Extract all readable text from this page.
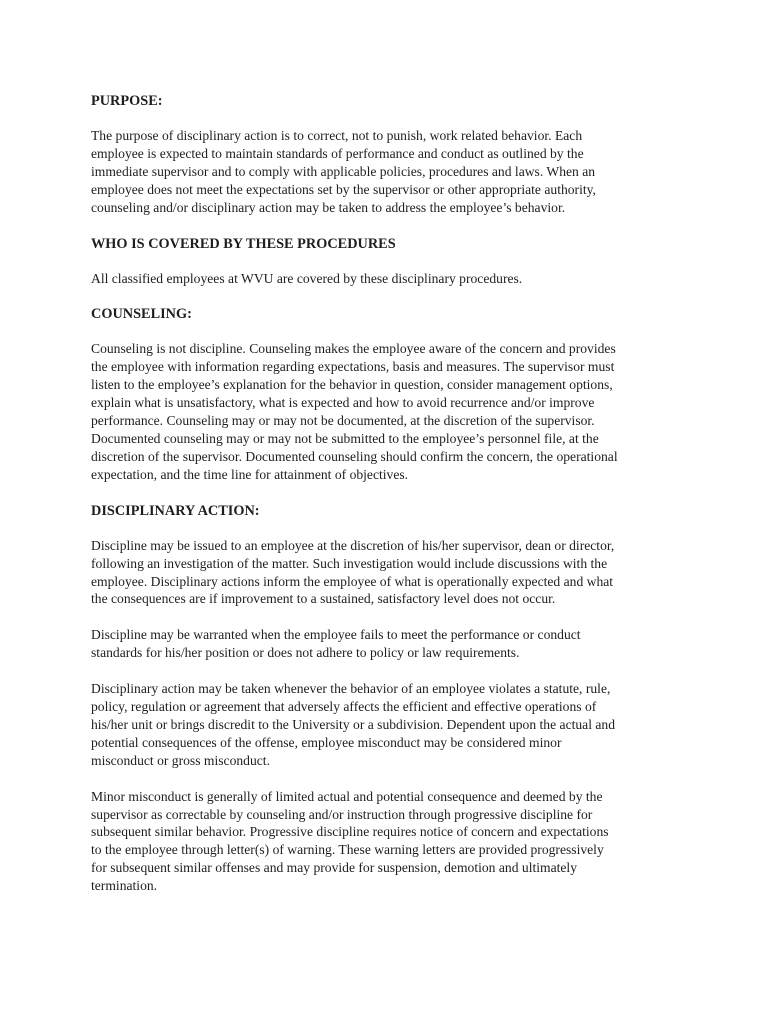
PURPOSE:
The purpose of disciplinary action is to correct, not to punish, work related behavior. Each
employee is expected to maintain standards of performance and conduct as outlined by the
immediate supervisor and to comply with applicable policies, procedures and laws. When an
employee does not meet the expectations set by the supervisor or other appropriate authority,
counseling and/or disciplinary action may be taken to address the employee’s behavior.
WHO IS COVERED BY THESE PROCEDURES
All classified employees at WVU are covered by these disciplinary procedures.
COUNSELING:
Counseling is not discipline. Counseling makes the employee aware of the concern and provides
the employee with information regarding expectations, basis and measures. The supervisor must
listen to the employee’s explanation for the behavior in question, consider management options,
explain what is unsatisfactory, what is expected and how to avoid recurrence and/or improve
performance. Counseling may or may not be documented, at the discretion of the supervisor.
Documented counseling may or may not be submitted to the employee’s personnel file, at the
discretion of the supervisor. Documented counseling should confirm the concern, the operational
expectation, and the time line for attainment of objectives.
DISCIPLINARY ACTION:
Discipline may be issued to an employee at the discretion of his/her supervisor, dean or director,
following an investigation of the matter. Such investigation would include discussions with the
employee. Disciplinary actions inform the employee of what is operationally expected and what
the consequences are if improvement to a sustained, satisfactory level does not occur.
Discipline may be warranted when the employee fails to meet the performance or conduct
standards for his/her position or does not adhere to policy or law requirements.
Disciplinary action may be taken whenever the behavior of an employee violates a statute, rule,
policy, regulation or agreement that adversely affects the efficient and effective operations of
his/her unit or brings discredit to the University or a subdivision. Dependent upon the actual and
potential consequences of the offense, employee misconduct may be considered minor
misconduct or gross misconduct.
Minor misconduct is generally of limited actual and potential consequence and deemed by the
supervisor as correctable by counseling and/or instruction through progressive discipline for
subsequent similar behavior. Progressive discipline requires notice of concern and expectations
to the employee through letter(s) of warning. These warning letters are provided progressively
for subsequent similar offenses and may provide for suspension, demotion and ultimately
termination.
